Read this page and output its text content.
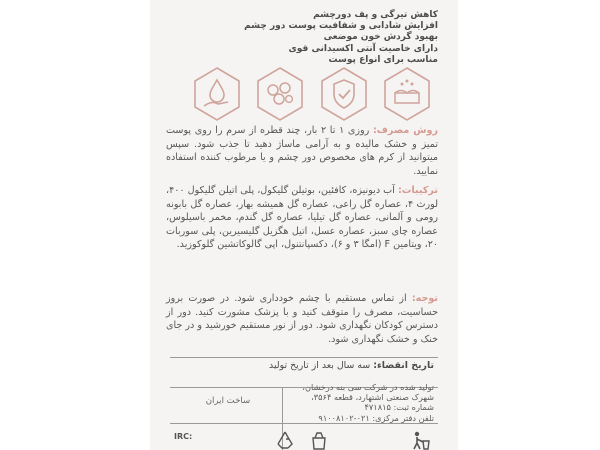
کاهش تیرگی و پف دورچشم
افزایش شادابی و شفافیت پوست دور چشم
بهبود گردش خون موضعی
دارای خاصیت آنتی اکسیدانی قوی
مناسب برای انواع پوست

روش مصرف: روزی ۱ تا ۲ بار، چند قطره از سرم را روی پوست تمیز و خشک مالیده و به آرامی ماساژ دهید تا جذب شود. سپس میتوانید از کرم های مخصوص دور چشم و یا مرطوب کننده استفاده نمایید.

ترکیبات: آب دیونیزه، کافئین، بوتیلن گلیکول، پلی اتیلن گلیکول ۴۰۰، لورث ۴، عصاره گل راعی، عصاره گل همیشه بهار، عصاره گل بابونه رومی و آلمانی، عصاره گل تیلیا، عصاره گل گندم، مخمر باسیلوس، عصاره چای سبز، عصاره عسل، اتیل هگزیل گلیسیرین، پلی سوربات ۲۰، ویتامین F (امگا ۳ و ۶)، دکسپانتنول، اپی گالوکاتشین گلوکوزید.

توجه: از تماس مستقیم با چشم خودداری شود. در صورت بروز حساسیت، مصرف را متوقف کنید و با پزشک مشورت کنید. دور از دسترس کودکان نگهداری شود. دور از نور مستقیم خورشید و در جای خنک و خشک نگهداری شود.

تاریخ انقضاء: سه سال بعد از تاریخ تولید

تولید شده در شرکت سی بنه درخشان،
شهرک صنعتی اشتهارد، قطعه ۳۵۶۴،
شماره ثبت: ۴۷۱۸۱۵
تلفن دفتر مرکزی: ۰۲۱-۹۱۰۰۸۱۰۲

ساخت ایران
IRC:
